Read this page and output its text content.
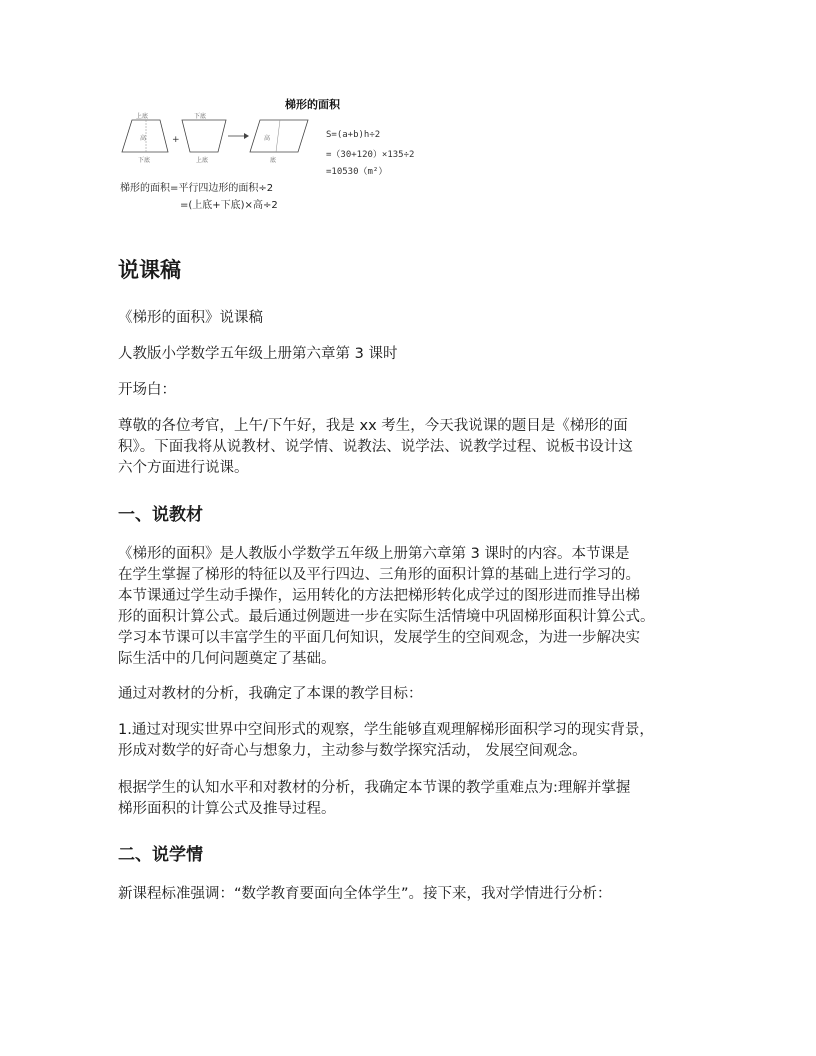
梯形的面积
+
上底
高
下底
下底
上底
高
底
S=(a+b)h÷2
=（30+120）×135÷2
=10530（m²）
梯形的面积=平行四边形的面积÷2
=(上底+下底)×高÷2
说课稿

《梯形的面积》说课稿

人教版小学数学五年级上册第六章第 3 课时

开场白：

尊敬的各位考官，上午/下午好，我是 xx 考生，今天我说课的题目是《梯形的面
积》。下面我将从说教材、说学情、说教法、说学法、说教学过程、说板书设计这
六个方面进行说课。
一、说教材
《梯形的面积》是人教版小学数学五年级上册第六章第 3 课时的内容。本节课是
在学生掌握了梯形的特征以及平行四边、三角形的面积计算的基础上进行学习的。
本节课通过学生动手操作，运用转化的方法把梯形转化成学过的图形进而推导出梯
形的面积计算公式。最后通过例题进一步在实际生活情境中巩固梯形面积计算公式。
学习本节课可以丰富学生的平面几何知识，发展学生的空间观念，为进一步解决实
际生活中的几何问题奠定了基础。

通过对教材的分析，我确定了本课的教学目标：

1.通过对现实世界中空间形式的观察，学生能够直观理解梯形面积学习的现实背景，
形成对数学的好奇心与想象力，主动参与数学探究活动， 发展空间观念。
根据学生的认知水平和对教材的分析，我确定本节课的教学重难点为:理解并掌握
梯形面积的计算公式及推导过程。
二、说学情

新课程标准强调：“数学教育要面向全体学生”。接下来，我对学情进行分析：
